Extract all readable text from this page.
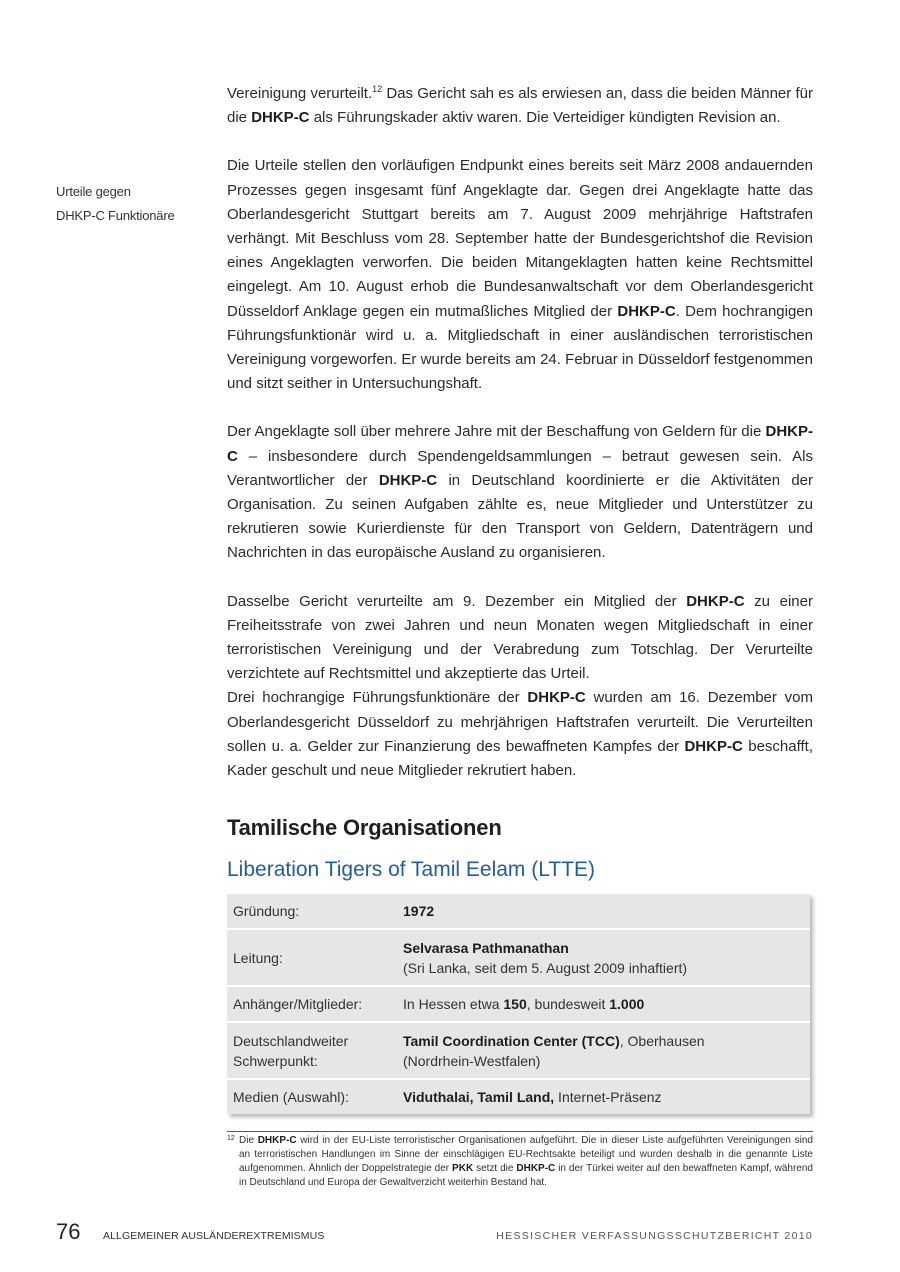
Urteile gegen
DHKP-C Funktionäre

Vereinigung verurteilt.$^{12}$ Das Gericht sah es als erwiesen an, dass die beiden Männer für die DHKP-C als Führungskader aktiv waren. Die Verteidiger kündigten Revision an.

Die Urteile stellen den vorläufigen Endpunkt eines bereits seit März 2008 andauernden Prozesses gegen insgesamt fünf Angeklagte dar. Gegen drei Angeklagte hatte das Oberlandesgericht Stuttgart bereits am 7. August 2009 mehrjährige Haftstrafen verhängt. Mit Beschluss vom 28. September hatte der Bundesgerichtshof die Revision eines Angeklagten verworfen. Die beiden Mitangeklagten hatten keine Rechtsmittel eingelegt. Am 10. August erhob die Bundesanwaltschaft vor dem Oberlandesgericht Düsseldorf Anklage gegen ein mutmaßliches Mitglied der DHKP-C. Dem hochrangigen Führungsfunktionär wird u. a. Mitgliedschaft in einer ausländischen terroristischen Vereinigung vorgeworfen. Er wurde bereits am 24. Februar in Düsseldorf festgenommen und sitzt seither in Untersuchungshaft.

Der Angeklagte soll über mehrere Jahre mit der Beschaffung von Geldern für die DHKP-C – insbesondere durch Spendengeldsammlungen – betraut gewesen sein. Als Verantwortlicher der DHKP-C in Deutschland koordinierte er die Aktivitäten der Organisation. Zu seinen Aufgaben zählte es, neue Mitglieder und Unterstützer zu rekrutieren sowie Kurierdienste für den Transport von Geldern, Datenträgern und Nachrichten in das europäische Ausland zu organisieren.

Dasselbe Gericht verurteilte am 9. Dezember ein Mitglied der DHKP-C zu einer Freiheitsstrafe von zwei Jahren und neun Monaten wegen Mitgliedschaft in einer terroristischen Vereinigung und der Verabredung zum Totschlag. Der Verurteilte verzichtete auf Rechtsmittel und akzeptierte das Urteil.

Drei hochrangige Führungsfunktionäre der DHKP-C wurden am 16. Dezember vom Oberlandesgericht Düsseldorf zu mehrjährigen Haftstrafen verurteilt. Die Verurteilten sollen u. a. Gelder zur Finanzierung des bewaffneten Kampfes der DHKP-C beschafft, Kader geschult und neue Mitglieder rekrutiert haben.

Tamilische Organisationen
Liberation Tigers of Tamil Eelam (LTTE)
Gründung:	1972
Leitung:
Selvarasa Pathmanathan
(Sri Lanka, seit dem 5. August 2009 inhaftiert)
Anhänger/Mitglieder:	In Hessen etwa 150, bundesweit 1.000
Deutschlandweiter
Schwerpunkt:
Tamil Coordination Center (TCC), Oberhausen
(Nordrhein-Westfalen)
Medien (Auswahl):	Viduthalai, Tamil Land, Internet-Präsenz
12 Die DHKP-C wird in der EU-Liste terroristischer Organisationen aufgeführt. Die in dieser Liste aufgeführten Vereinigungen sind an terroristischen Handlungen im Sinne der einschlägigen EU-Rechtsakte beteiligt und wurden deshalb in die genannte Liste aufgenommen. Ähnlich der Doppelstrategie der PKK setzt die DHKP-C in der Türkei weiter auf den bewaffneten Kampf, während in Deutschland und Europa der Gewaltverzicht weiterhin Bestand hat.
76 ALLGEMEINER AUSLÄNDEREXTREMISMUS	HESSISCHER VERFASSUNGSSCHUTZBERICHT 2010
